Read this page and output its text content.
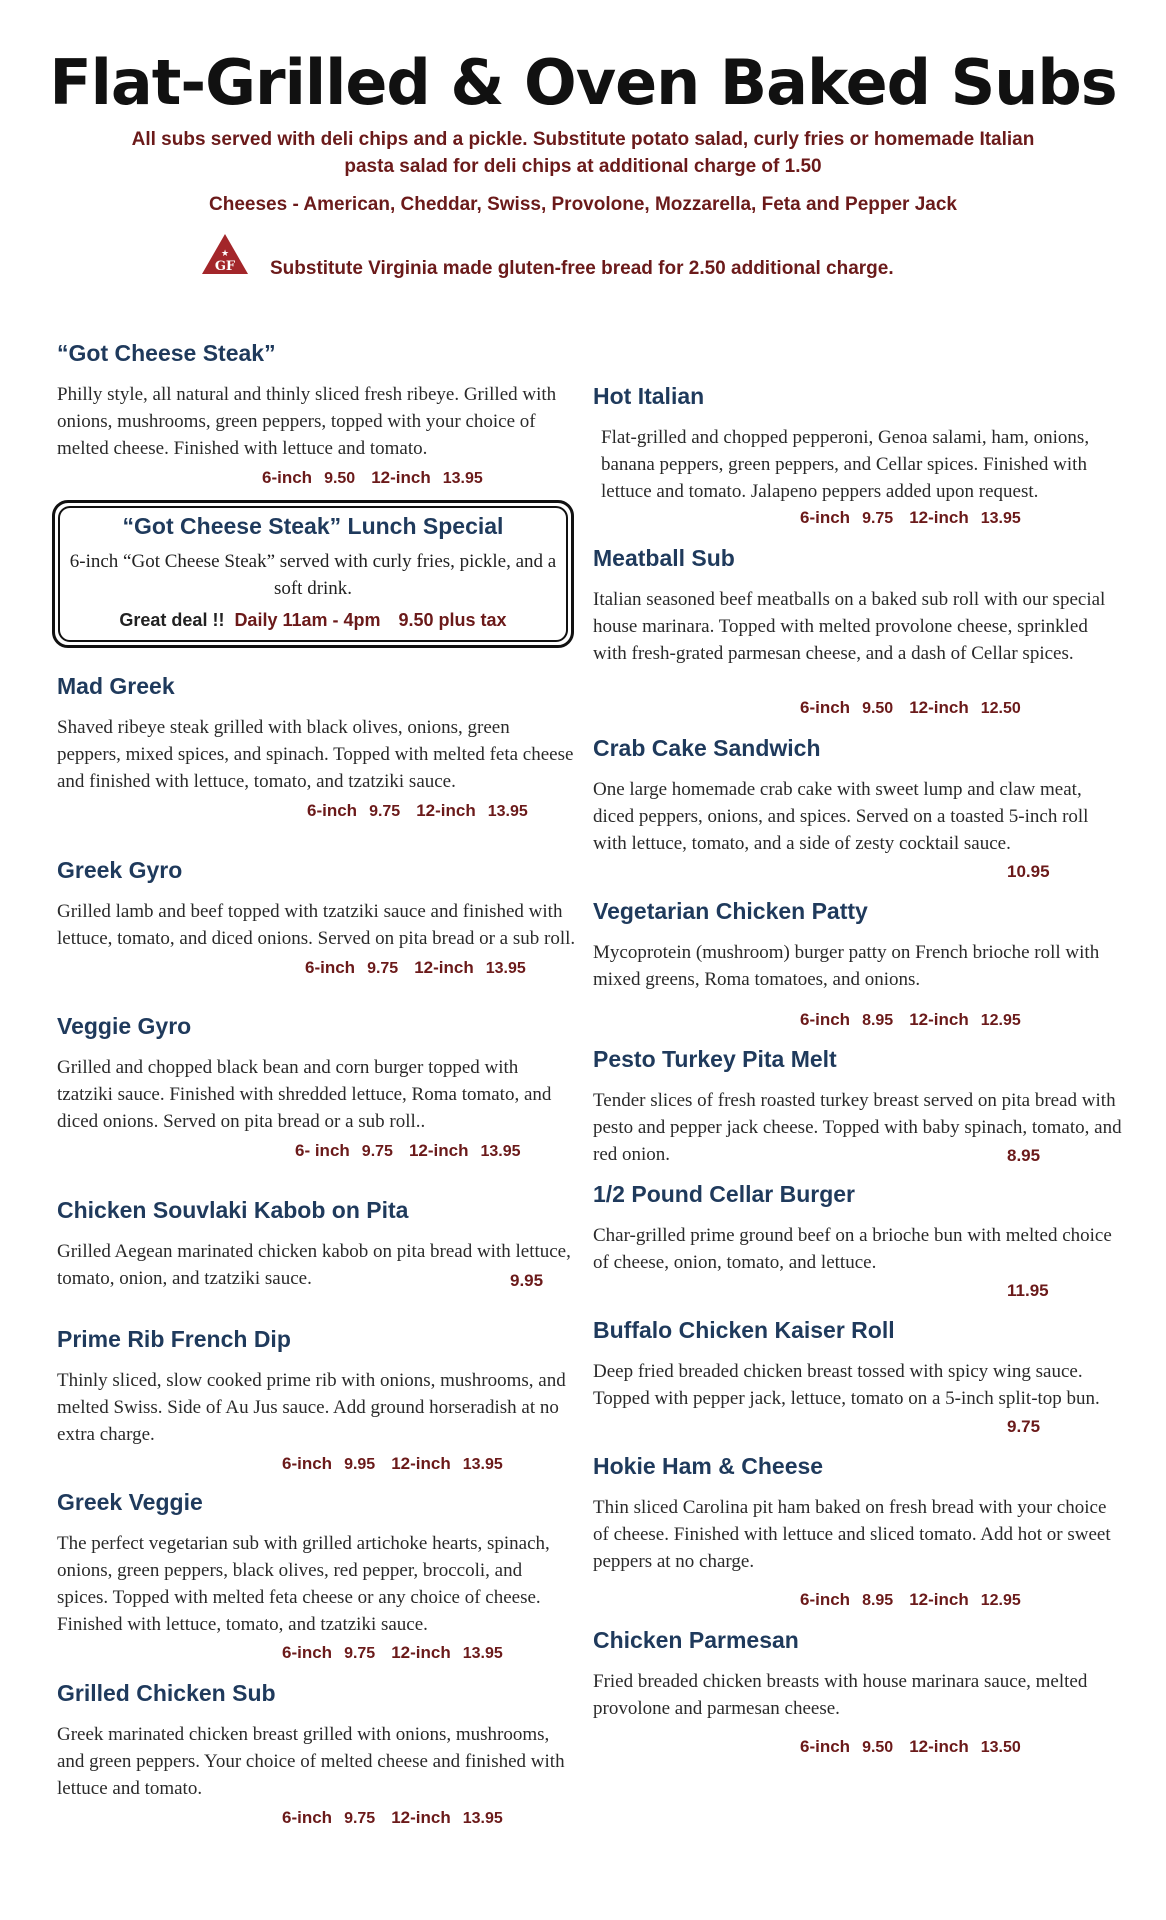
Flat-Grilled & Oven Baked Subs
All subs served with deli chips and a pickle. Substitute potato salad, curly fries or homemade Italian
pasta salad for deli chips at additional charge of 1.50
Cheeses - American, Cheddar, Swiss, Provolone, Mozzarella, Feta and Pepper Jack
★
GF Substitute Virginia made gluten-free bread for 2.50 additional charge.
“Got Cheese Steak”

Philly style, all natural and thinly sliced fresh ribeye. Grilled with onions, mushrooms, green peppers, topped with your choice of melted cheese. Finished with lettuce and tomato.

6-inch 9.50 12-inch 13.95
“Got Cheese Steak” Lunch Special

6-inch “Got Cheese Steak” served with curly fries, pickle, and a soft drink.

Great deal !! Daily 11am - 4pm 9.50 plus tax
Mad Greek

Shaved ribeye steak grilled with black olives, onions, green peppers, mixed spices, and spinach. Topped with melted feta cheese and finished with lettuce, tomato, and tzatziki sauce.

6-inch 9.75 12-inch 13.95
Greek Gyro

Grilled lamb and beef topped with tzatziki sauce and finished with lettuce, tomato, and diced onions. Served on pita bread or a sub roll.

6-inch 9.75 12-inch 13.95
Veggie Gyro

Grilled and chopped black bean and corn burger topped with tzatziki sauce. Finished with shredded lettuce, Roma tomato, and diced onions. Served on pita bread or a sub roll..

6- inch 9.75 12-inch 13.95
Chicken Souvlaki Kabob on Pita

Grilled Aegean marinated chicken kabob on pita bread with lettuce, tomato, onion, and tzatziki sauce.	9.95
Prime Rib French Dip

Thinly sliced, slow cooked prime rib with onions, mushrooms, and melted Swiss. Side of Au Jus sauce. Add ground horseradish at no extra charge.

6-inch 9.95 12-inch 13.95
Greek Veggie

The perfect vegetarian sub with grilled artichoke hearts, spinach, onions, green peppers, black olives, red pepper, broccoli, and spices. Topped with melted feta cheese or any choice of cheese. Finished with lettuce, tomato, and tzatziki sauce.

6-inch 9.75 12-inch 13.95
Grilled Chicken Sub

Greek marinated chicken breast grilled with onions, mushrooms, and green peppers. Your choice of melted cheese and finished with lettuce and tomato.

6-inch 9.75 12-inch 13.95
Hot Italian

Flat-grilled and chopped pepperoni, Genoa salami, ham, onions, banana peppers, green peppers, and Cellar spices. Finished with lettuce and tomato. Jalapeno peppers added upon request.

6-inch 9.75 12-inch 13.95
Meatball Sub

Italian seasoned beef meatballs on a baked sub roll with our special house marinara. Topped with melted provolone cheese, sprinkled with fresh-grated parmesan cheese, and a dash of Cellar spices.

6-inch 9.50 12-inch 12.50
Crab Cake Sandwich

One large homemade crab cake with sweet lump and claw meat, diced peppers, onions, and spices. Served on a toasted 5-inch roll with lettuce, tomato, and a side of zesty cocktail sauce.

10.95
Vegetarian Chicken Patty

Mycoprotein (mushroom) burger patty on French brioche roll with mixed greens, Roma tomatoes, and onions.

6-inch 8.95 12-inch 12.95
Pesto Turkey Pita Melt

Tender slices of fresh roasted turkey breast served on pita bread with pesto and pepper jack cheese. Topped with baby spinach, tomato, and red onion.	8.95
1/2 Pound Cellar Burger

Char-grilled prime ground beef on a brioche bun with melted choice of cheese, onion, tomato, and lettuce.

11.95
Buffalo Chicken Kaiser Roll

Deep fried breaded chicken breast tossed with spicy wing sauce. Topped with pepper jack, lettuce, tomato on a 5-inch split-top bun.

9.75
Hokie Ham & Cheese

Thin sliced Carolina pit ham baked on fresh bread with your choice of cheese. Finished with lettuce and sliced tomato. Add hot or sweet peppers at no charge.

6-inch 8.95 12-inch 12.95
Chicken Parmesan

Fried breaded chicken breasts with house marinara sauce, melted provolone and parmesan cheese.

6-inch 9.50 12-inch 13.50
